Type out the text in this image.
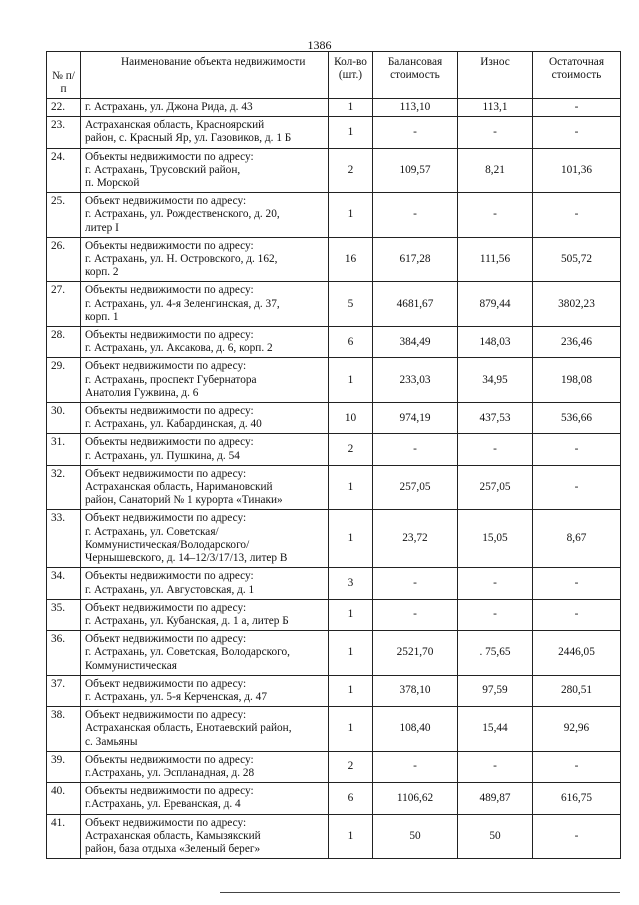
1386
№ п/п	Наименование объекта недвижимости	Кол-во (шт.)	Балансовая стоимость	Износ	Остаточная стоимость
22.	г. Астрахань, ул. Джона Рида, д. 43	1	113,10	113,1	-
23.	Астраханская область, Красноярский
район, с. Красный Яр, ул. Газовиков, д. 1 Б	1	-	-	-
24.	Объекты недвижимости по адресу:
г. Астрахань, Трусовский район,
п. Морской	2	109,57	8,21	101,36
25.	Объект недвижимости по адресу:
г. Астрахань, ул. Рождественского, д. 20,
литер I	1	-	-	-
26.	Объекты недвижимости по адресу:
г. Астрахань, ул. Н. Островского, д. 162,
корп. 2	16	617,28	111,56	505,72
27.	Объекты недвижимости по адресу:
г. Астрахань, ул. 4-я Зеленгинская, д. 37,
корп. 1	5	4681,67	879,44	3802,23
28.	Объекты недвижимости по адресу:
г. Астрахань, ул. Аксакова, д. 6, корп. 2	6	384,49	148,03	236,46
29.	Объект недвижимости по адресу:
г. Астрахань, проспект Губернатора
Анатолия Гужвина, д. 6	1	233,03	34,95	198,08
30.	Объекты недвижимости по адресу:
г. Астрахань, ул. Кабардинская, д. 40	10	974,19	437,53	536,66
31.	Объекты недвижимости по адресу:
г. Астрахань, ул. Пушкина, д. 54	2	-	-	-
32.	Объект недвижимости по адресу:
Астраханская область, Наримановский
район, Санаторий № 1 курорта «Тинаки»	1	257,05	257,05	-
33.	Объект недвижимости по адресу:
г. Астрахань, ул. Советская/
Коммунистическая/Володарского/
Чернышевского, д. 14–12/3/17/13, литер В	1	23,72	15,05	8,67
34.	Объекты недвижимости по адресу:
г. Астрахань, ул. Августовская, д. 1	3	-	-	-
35.	Объект недвижимости по адресу:
г. Астрахань, ул. Кубанская, д. 1 а, литер Б	1	-	-	-
36.	Объект недвижимости по адресу:
г. Астрахань, ул. Советская, Володарского,
Коммунистическая	1	2521,70	. 75,65	2446,05
37.	Объект недвижимости по адресу:
г. Астрахань, ул. 5-я Керченская, д. 47	1	378,10	97,59	280,51
38.	Объект недвижимости по адресу:
Астраханская область, Енотаевский район,
с. Замьяны	1	108,40	15,44	92,96
39.	Объекты недвижимости по адресу:
г.Астрахань, ул. Эспланадная, д. 28	2	-	-	-
40.	Объекты недвижимости по адресу:
г.Астрахань, ул. Ереванская, д. 4	6	1106,62	489,87	616,75
41.	Объект недвижимости по адресу:
Астраханская область, Камызякский
район, база отдыха «Зеленый берег»	1	50	50	-
